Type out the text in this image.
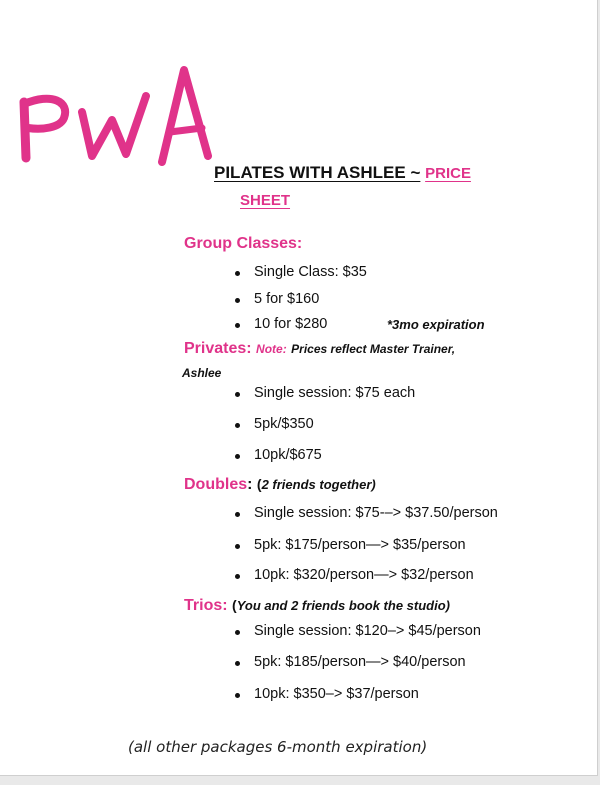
PILATES WITH ASHLEE ~ PRICE
SHEET
Group Classes:
Single Class: $35
5 for $160
10 for $280	*3mo expiration
Privates: Note: Prices reflect Master Trainer,
Ashlee
Single session: $75 each
5pk/$350
10pk/$675
Doubles: (2 friends together)
Single session: $75-–> $37.50/person
5pk: $175/person—> $35/person
10pk: $320/person—> $32/person
Trios: (You and 2 friends book the studio)
Single session: $120–> $45/person
5pk: $185/person—> $40/person
10pk: $350–> $37/person
(all other packages 6-month expiration)
